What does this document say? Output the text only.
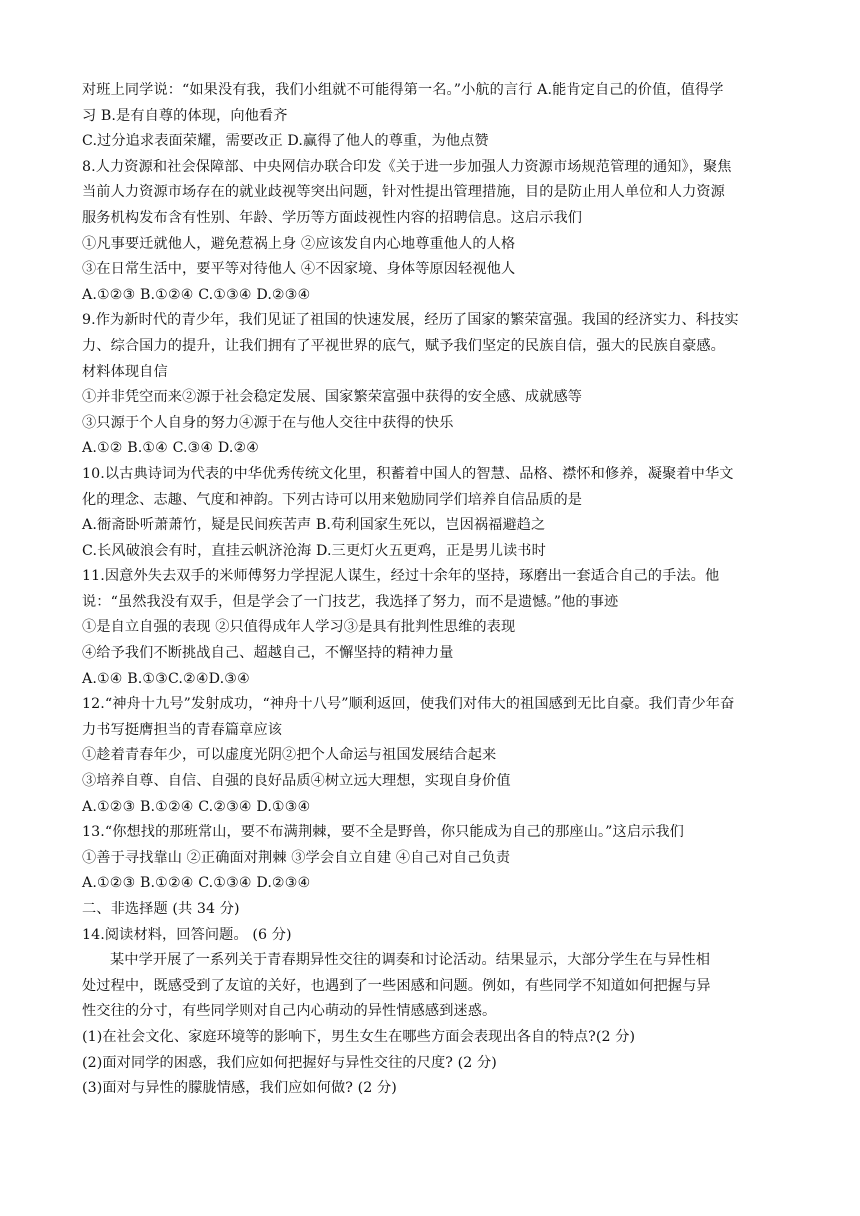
对班上同学说：“如果没有我，我们小组就不可能得第一名。”小航的言行 A.能肯定自己的价值，值得学
习 B.是有自尊的体现，向他看齐
C.过分追求表面荣耀，需要改正 D.赢得了他人的尊重，为他点赞
8.人力资源和社会保障部、中央网信办联合印发《关于进一步加强人力资源市场规范管理的通知》，聚焦
当前人力资源市场存在的就业歧视等突出问题，针对性提出管理措施，目的是防止用人单位和人力资源
服务机构发布含有性别、年龄、学历等方面歧视性内容的招聘信息。这启示我们
①凡事要迁就他人，避免惹祸上身 ②应该发自内心地尊重他人的人格
③在日常生活中，要平等对待他人 ④不因家境、身体等原因轻视他人
A.①②③ B.①②④ C.①③④ D.②③④
9.作为新时代的青少年，我们见证了祖国的快速发展，经历了国家的繁荣富强。我国的经济实力、科技实
力、综合国力的提升，让我们拥有了平视世界的底气，赋予我们坚定的民族自信，强大的民族自豪感。
材料体现自信
①并非凭空而来②源于社会稳定发展、国家繁荣富强中获得的安全感、成就感等
③只源于个人自身的努力④源于在与他人交往中获得的快乐
A.①② B.①④ C.③④ D.②④
10.以古典诗词为代表的中华优秀传统文化里，积蓄着中国人的智慧、品格、襟怀和修养，凝聚着中华文
化的理念、志趣、气度和神韵。下列古诗可以用来勉励同学们培养自信品质的是
A.衙斋卧听萧萧竹，疑是民间疾苦声 B.苟利国家生死以，岂因祸福避趋之
C.长风破浪会有时，直挂云帆济沧海 D.三更灯火五更鸡，正是男儿读书时
11.因意外失去双手的米师傅努力学捏泥人谋生，经过十余年的坚持，琢磨出一套适合自己的手法。他
说：“虽然我没有双手，但是学会了一门技艺，我选择了努力，而不是遗憾。”他的事迹
①是自立自强的表现 ②只值得成年人学习③是具有批判性思维的表现
④给予我们不断挑战自己、超越自己，不懈坚持的精神力量
A.①④ B.①③C.②④D.③④
12.“神舟十九号”发射成功，“神舟十八号”顺利返回，使我们对伟大的祖国感到无比自豪。我们青少年奋
力书写挺膺担当的青春篇章应该
①趁着青春年少，可以虚度光阴②把个人命运与祖国发展结合起来
③培养自尊、自信、自强的良好品质④树立远大理想，实现自身价值
A.①②③ B.①②④ C.②③④ D.①③④
13.“你想找的那班常山，要不布满荆棘，要不全是野兽，你只能成为自己的那座山。”这启示我们
①善于寻找靠山 ②正确面对荆棘 ③学会自立自建 ④自己对自己负责
A.①②③ B.①②④ C.①③④ D.②③④
二、非选择题 (共 34 分)
14.阅读材料，回答问题。 (6 分)
某中学开展了一系列关于青春期异性交往的调奏和讨论活动。结果显示，大部分学生在与异性相
处过程中，既感受到了友谊的关好，也遇到了一些困感和问题。例如，有些同学不知道如何把握与异
性交往的分寸，有些同学则对自己内心萌动的异性情感感到迷惑。
(1)在社会文化、家庭环境等的影响下，男生女生在哪些方面会表现出各自的特点?(2 分)
(2)面对同学的困惑，我们应如何把握好与异性交往的尺度? (2 分)
(3)面对与异性的朦胧情感，我们应如何做? (2 分)
